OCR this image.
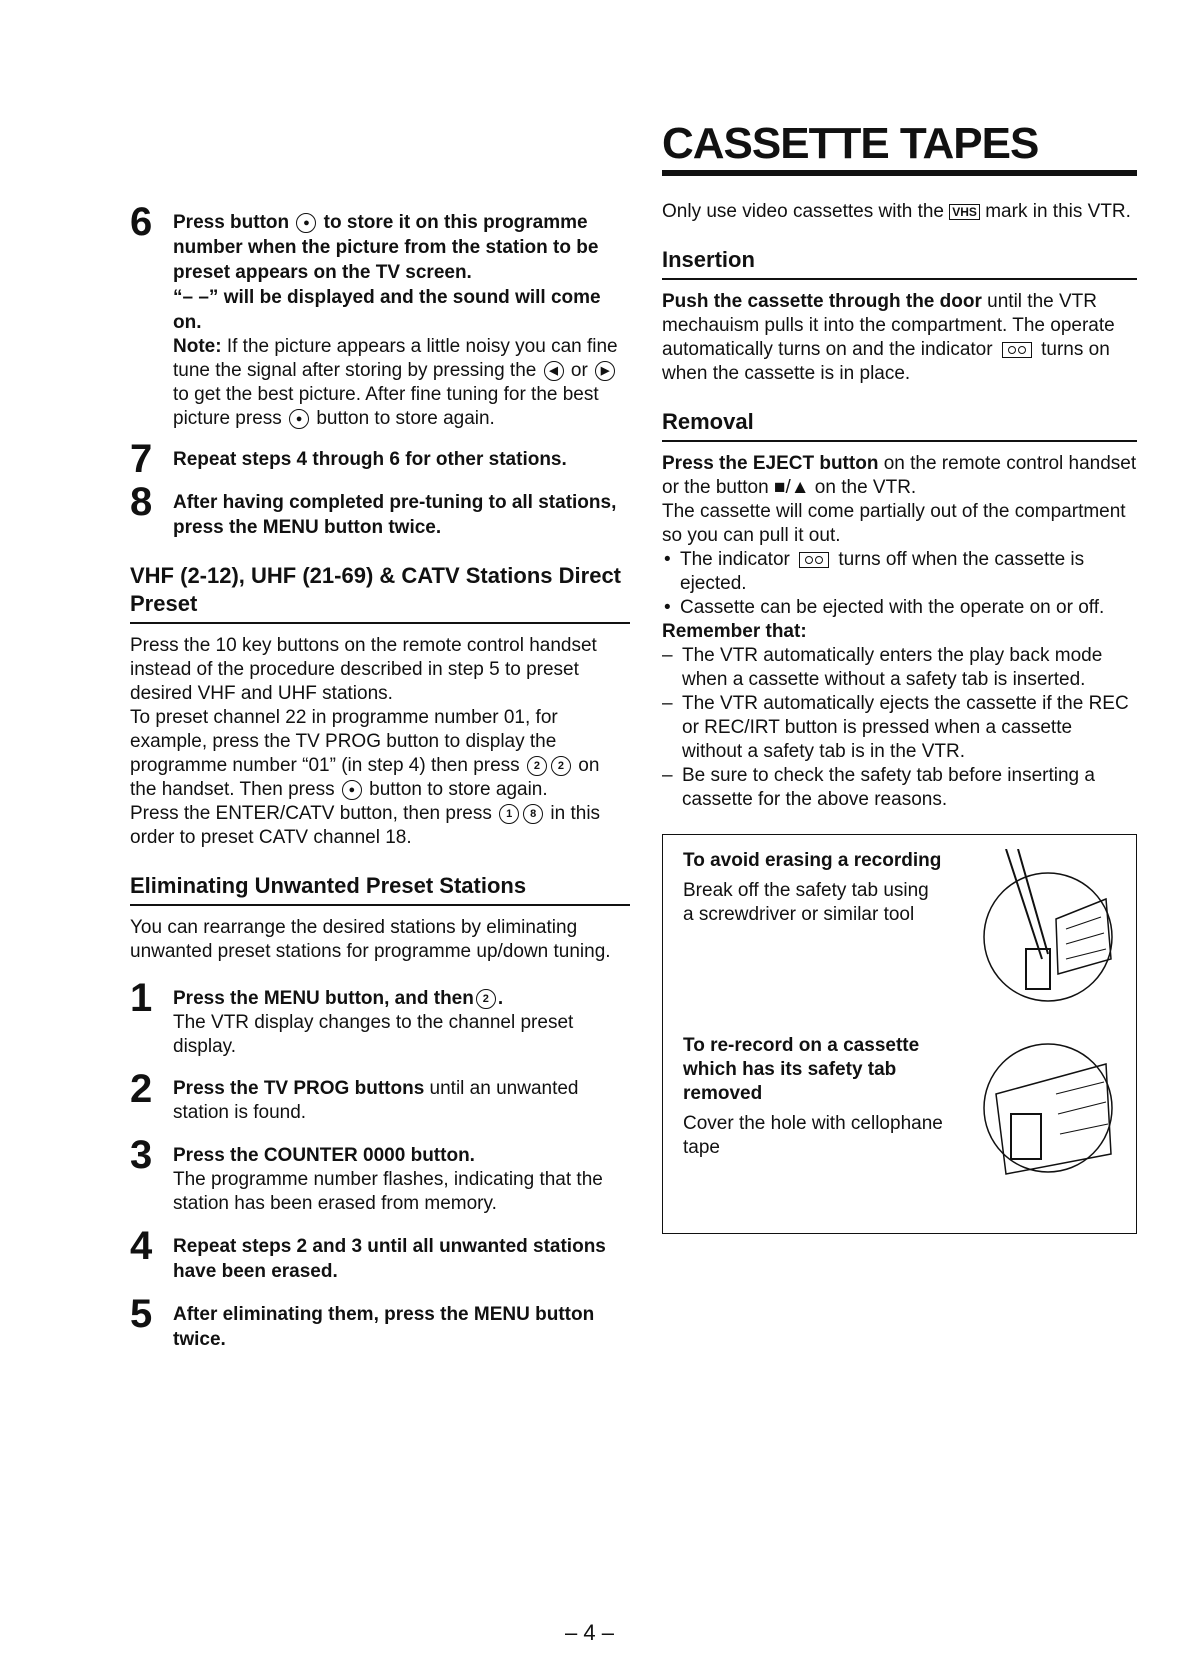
6 Press button ● to store it on this programme number when the picture from the station to be preset appears on the TV screen.
“– –” will be displayed and the sound will come on.
Note: If the picture appears a little noisy you can fine tune the signal after storing by pressing the ◀ or ▶ to get the best picture. After fine tuning for the best picture press ● button to store again.
7 Repeat steps 4 through 6 for other stations.
8 After having completed pre-tuning to all stations, press the MENU button twice.
VHF (2-12), UHF (21-69) & CATV Stations Direct Preset

Press the 10 key buttons on the remote control handset instead of the procedure described in step 5 to preset desired VHF and UHF stations.

To preset channel 22 in programme number 01, for example, press the TV PROG button to display the programme number “01” (in step 4) then press 2 2 on the handset. Then press ● button to store again.

Press the ENTER/CATV button, then press 1 8 in this order to preset CATV channel 18.

Eliminating Unwanted Preset Stations
You can rearrange the desired stations by eliminating unwanted preset stations for programme up/down tuning.
1 Press the MENU button, and then 2 .
The VTR display changes to the channel preset display.
2 Press the TV PROG buttons until an unwanted station is found.
3 Press the COUNTER 0000 button.
The programme number flashes, indicating that the station has been erased from memory.
4 Repeat steps 2 and 3 until all unwanted stations have been erased.
5 After eliminating them, press the MENU button twice.
CASSETTE TAPES
Only use video cassettes with the VHS mark in this VTR.
Insertion
Push the cassette through the door until the VTR mechauism pulls it into the compartment. The operate automatically turns on and the indicator  turns on when the cassette is in place.
Removal

Press the EJECT button on the remote control handset or the button ■/▲ on the VTR.

The cassette will come partially out of the compartment so you can pull it out.

• The indicator  turns off when the cassette is ejected.

• Cassette can be ejected with the operate on or off.

Remember that:

– The VTR automatically enters the play back mode when a cassette without a safety tab is inserted.

– The VTR automatically ejects the cassette if the REC or REC/IRT button is pressed when a cassette without a safety tab is in the VTR.

– Be sure to check the safety tab before inserting a cassette for the above reasons.

To avoid erasing a recording
Break off the safety tab using a screwdriver or similar tool
To re-record on a cassette which has its safety tab removed
Cover the hole with cellophane tape
– 4 –
